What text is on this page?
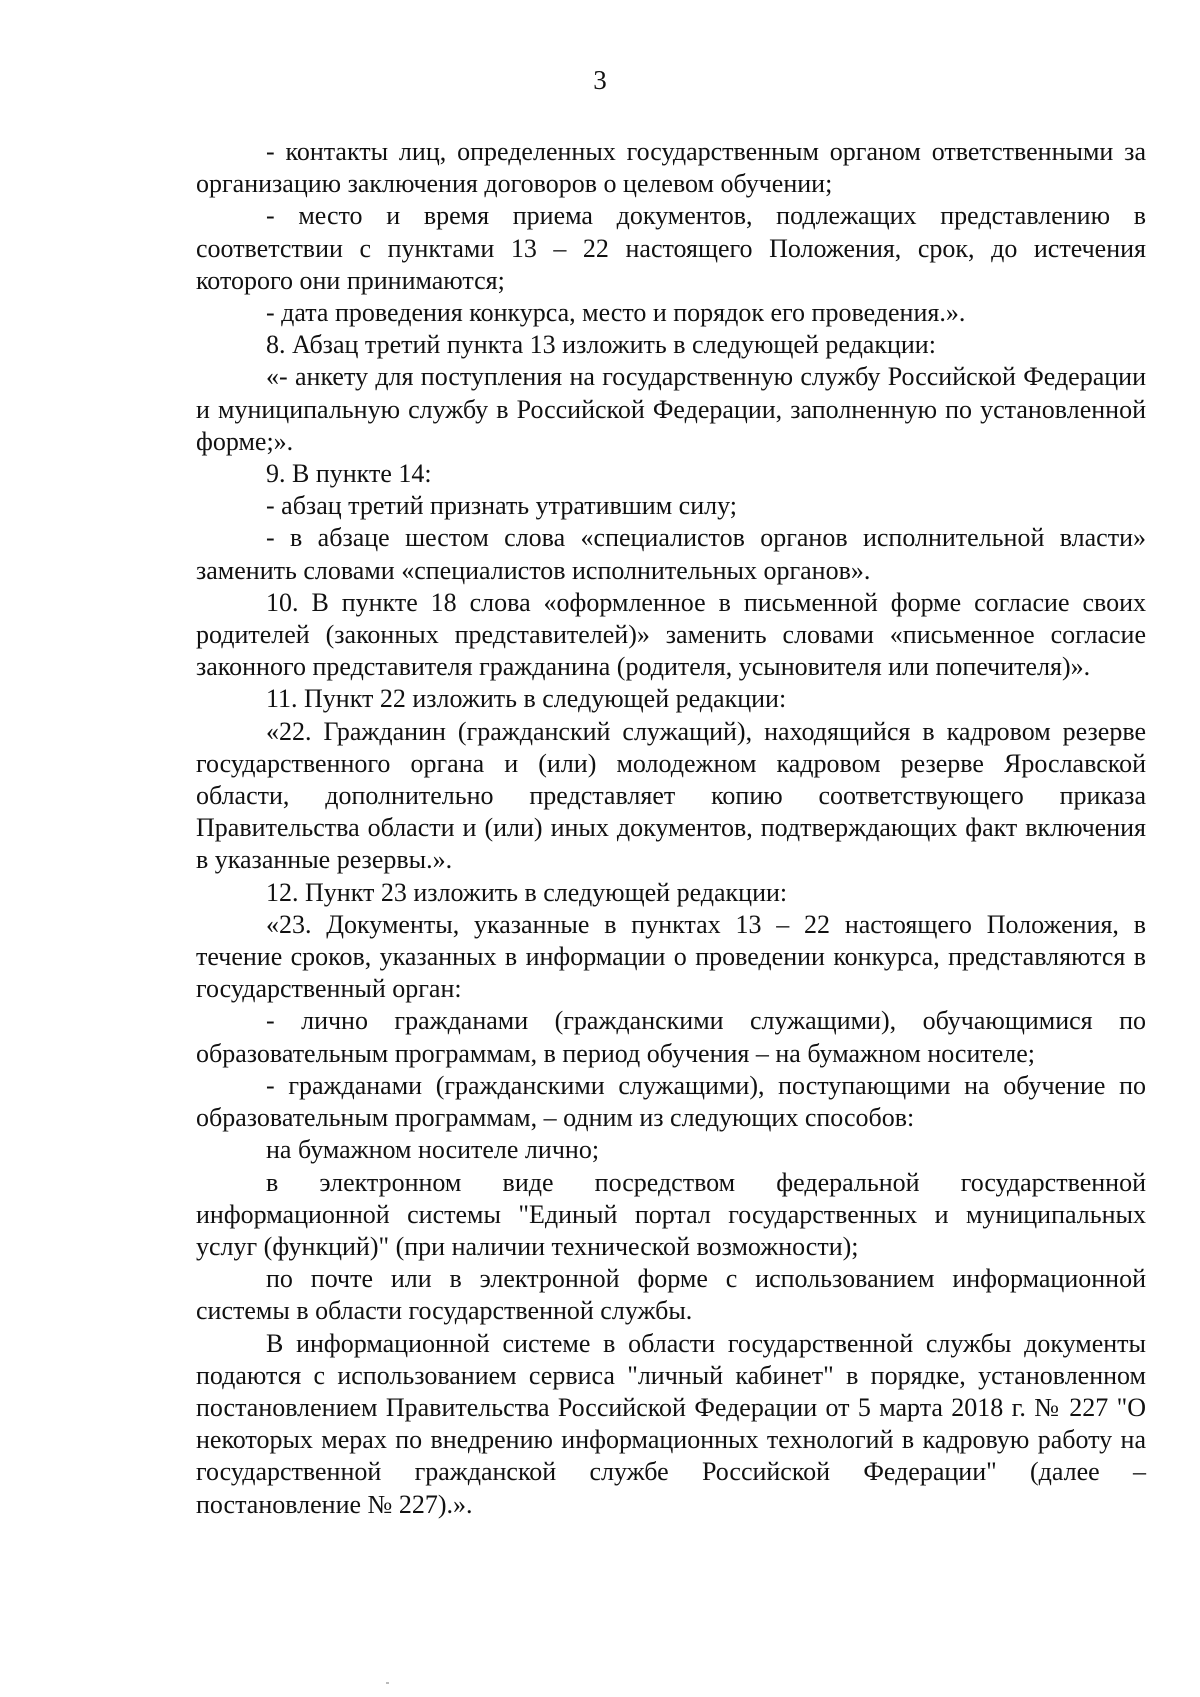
3

- контакты лиц, определенных государственным органом ответственными за организацию заключения договоров о целевом обучении;

- место и время приема документов, подлежащих представлению в соответствии с пунктами 13 – 22 настоящего Положения, срок, до истечения которого они принимаются;

- дата проведения конкурса, место и порядок его проведения.».

8. Абзац третий пункта 13 изложить в следующей редакции:

«- анкету для поступления на государственную службу Российской Федерации и муниципальную службу в Российской Федерации, заполненную по установленной форме;».

9. В пункте 14:

- абзац третий признать утратившим силу;

- в абзаце шестом слова «специалистов органов исполнительной власти» заменить словами «специалистов исполнительных органов».

10. В пункте 18 слова «оформленное в письменной форме согласие своих родителей (законных представителей)» заменить словами «письменное согласие законного представителя гражданина (родителя, усыновителя или попечителя)».

11. Пункт 22 изложить в следующей редакции:

«22. Гражданин (гражданский служащий), находящийся в кадровом резерве государственного органа и (или) молодежном кадровом резерве Ярославской области, дополнительно представляет копию соответствующего приказа Правительства области и (или) иных документов, подтверждающих факт включения в указанные резервы.».

12. Пункт 23 изложить в следующей редакции:

«23. Документы, указанные в пунктах 13 – 22 настоящего Положения, в течение сроков, указанных в информации о проведении конкурса, представляются в государственный орган:

- лично гражданами (гражданскими служащими), обучающимися по образовательным программам, в период обучения – на бумажном носителе;

- гражданами (гражданскими служащими), поступающими на обучение по образовательным программам, – одним из следующих способов:

на бумажном носителе лично;

в электронном виде посредством федеральной государственной информационной системы "Единый портал государственных и муниципальных услуг (функций)" (при наличии технической возможности);

по почте или в электронной форме с использованием информационной системы в области государственной службы.

В информационной системе в области государственной службы документы подаются с использованием сервиса "личный кабинет" в порядке, установленном постановлением Правительства Российской Федерации от 5 марта 2018 г. № 227 "О некоторых мерах по внедрению информационных технологий в кадровую работу на государственной гражданской службе Российской Федерации" (далее – постановление № 227).».
